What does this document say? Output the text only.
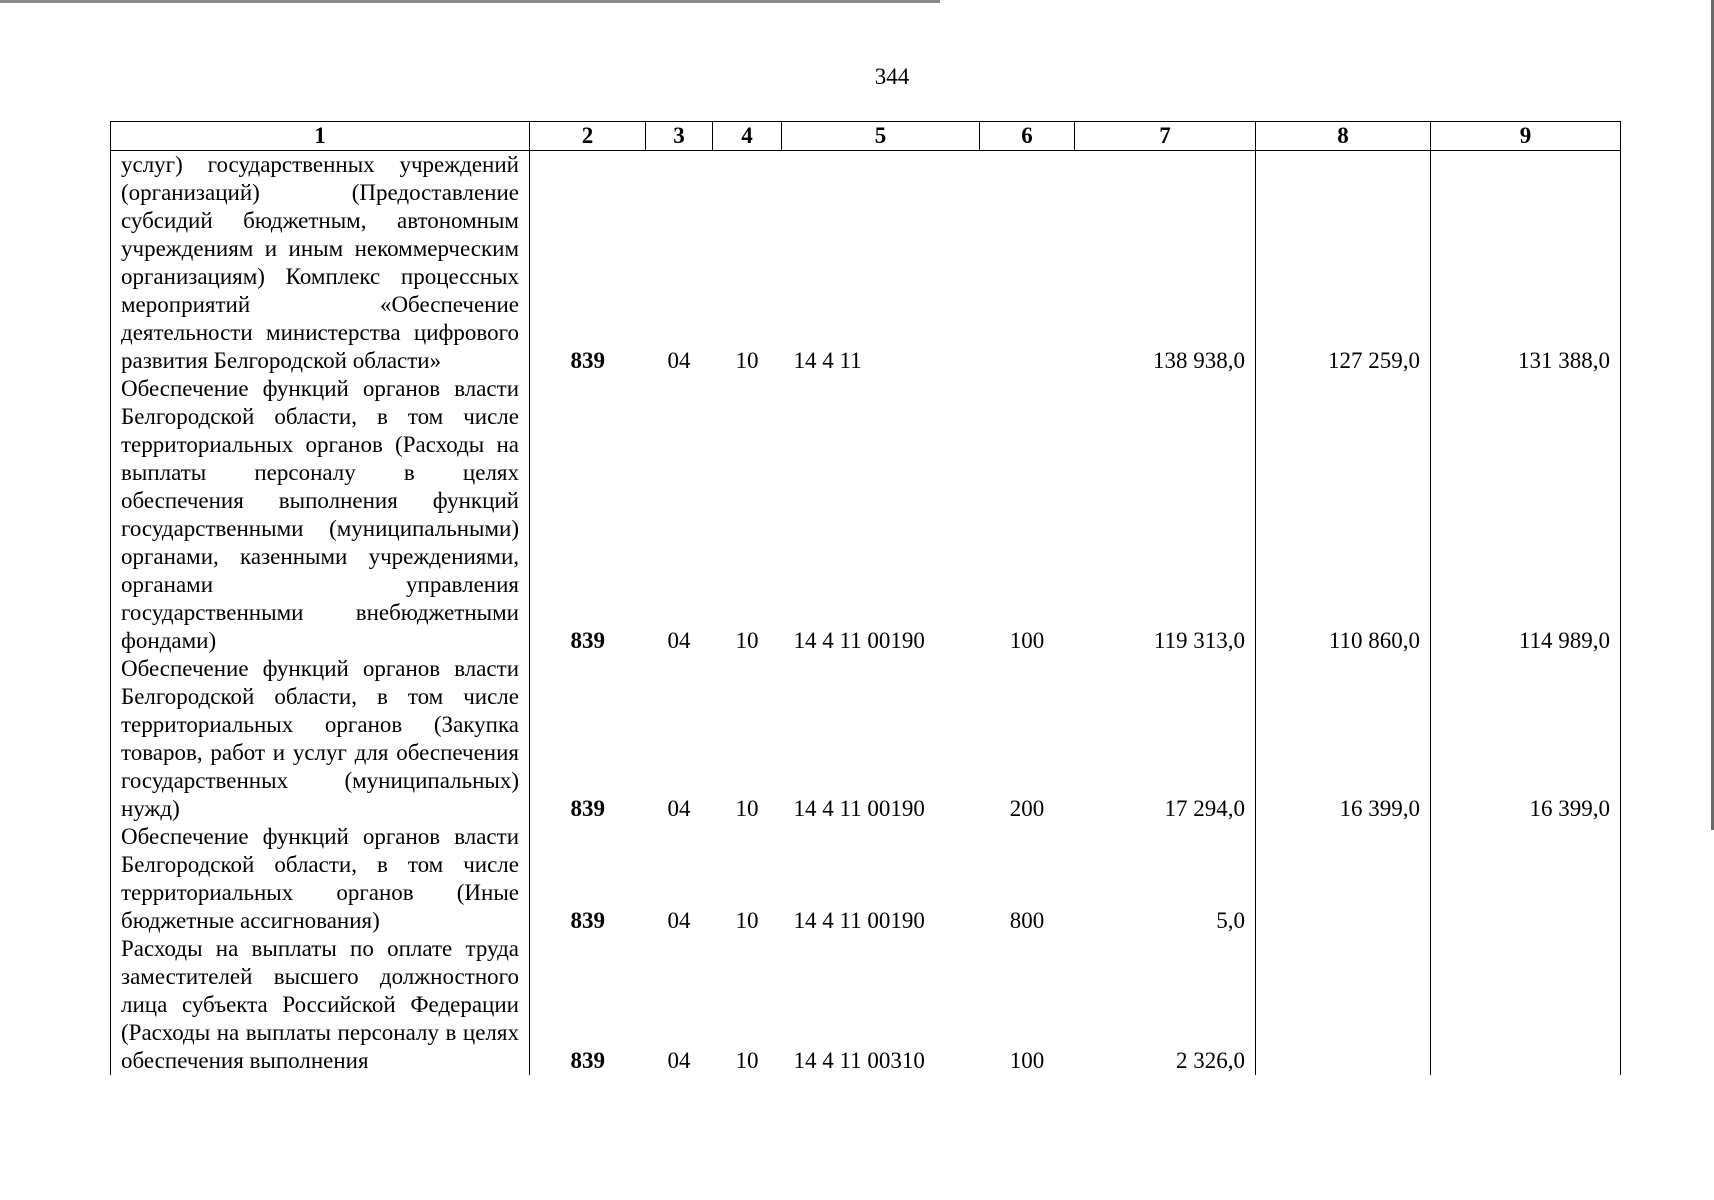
344
1	2	3	4	5	6	7	8	9
услуг) государственных учреждений (организаций) (Предоставление субсидий бюджетным, автономным учреждениям и иным некоммерческим организациям) Комплекс процессных мероприятий «Обеспечение деятельности министерства цифрового развития Белгородской области»	839	04	10	14 4 11		138 938,0	127 259,0	131 388,0
Обеспечение функций органов власти Белгородской области, в том числе территориальных органов (Расходы на выплаты персоналу в целях обеспечения выполнения функций государственными (муниципальными) органами, казенными учреждениями, органами управления государственными внебюджетными фондами)	839	04	10	14 4 11 00190	100	119 313,0	110 860,0	114 989,0
Обеспечение функций органов власти Белгородской области, в том числе территориальных органов (Закупка товаров, работ и услуг для обеспечения государственных (муниципальных) нужд)	839	04	10	14 4 11 00190	200	17 294,0	16 399,0	16 399,0
Обеспечение функций органов власти Белгородской области, в том числе территориальных органов (Иные бюджетные ассигнования)	839	04	10	14 4 11 00190	800	5,0		
Расходы на выплаты по оплате труда заместителей высшего должностного лица субъекта Российской Федерации (Расходы на выплаты персоналу в целях обеспечения выполнения	839	04	10	14 4 11 00310	100	2 326,0		
